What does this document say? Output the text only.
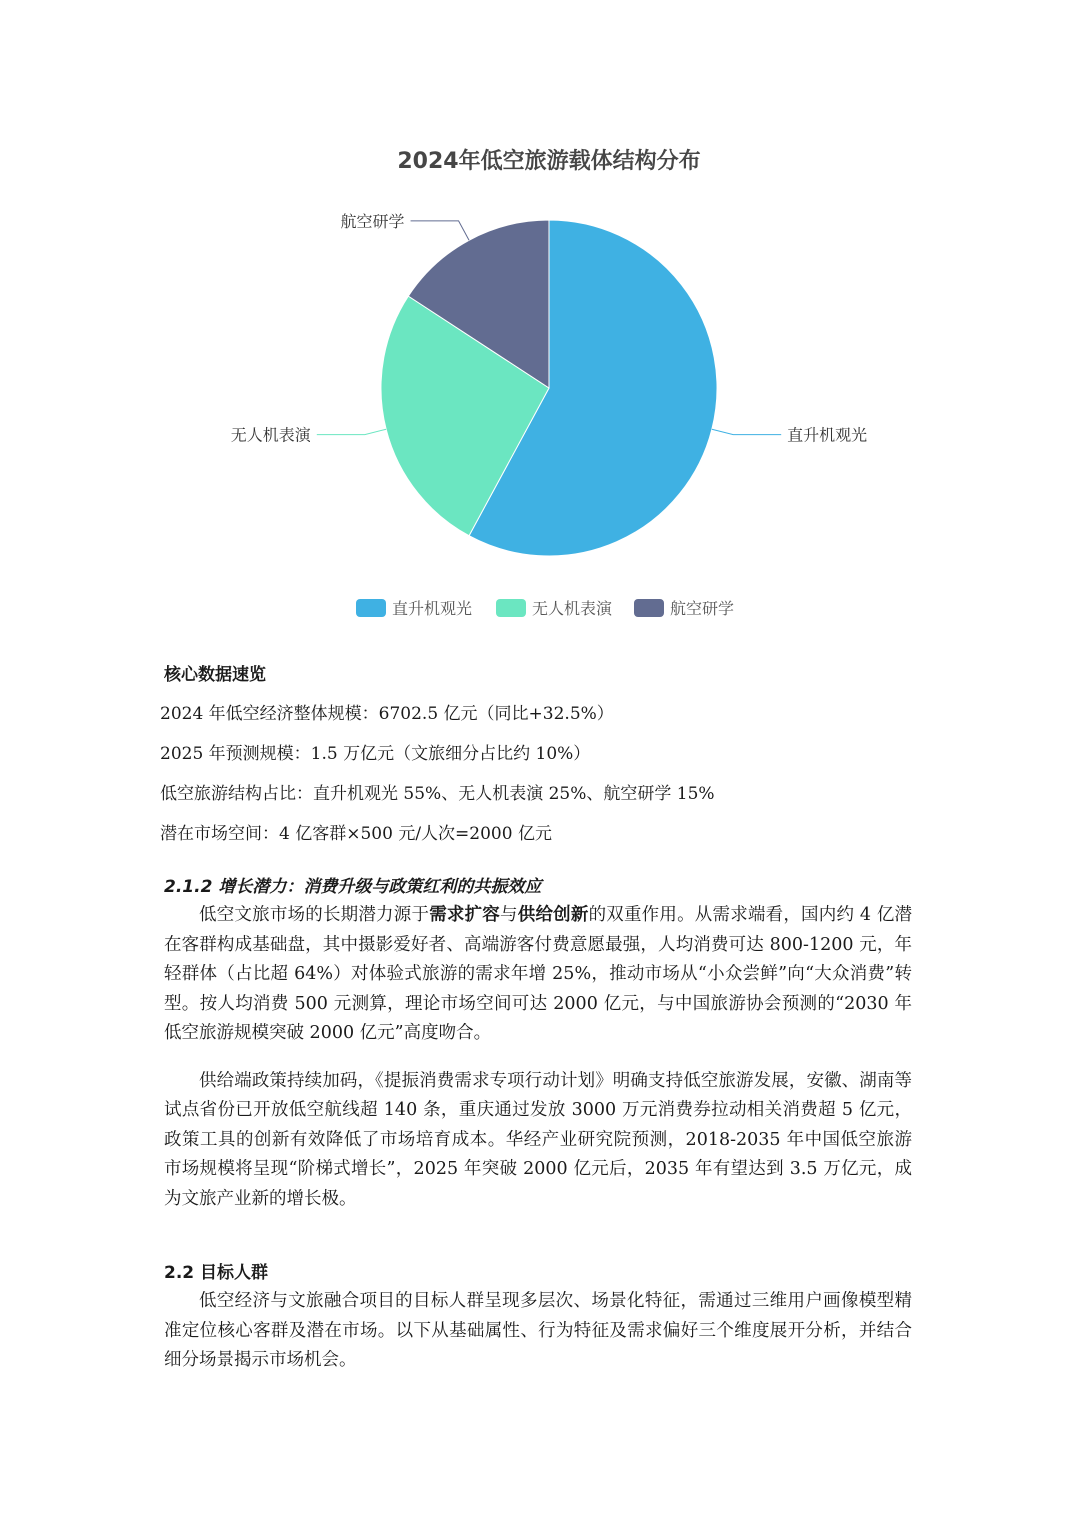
2024年低空旅游载体结构分布
直升机观光
无人机表演
航空研学
直升机观光	无人机表演	航空研学
核心数据速览
2024 年低空经济整体规模：6702.5 亿元（同比+32.5%）
2025 年预测规模：1.5 万亿元（文旅细分占比约 10%）
低空旅游结构占比：直升机观光 55%、无人机表演 25%、航空研学 15%
潜在市场空间：4 亿客群×500 元/人次=2000 亿元
2.1.2 增长潜力：消费升级与政策红利的共振效应

低空文旅市场的长期潜力源于需求扩容与供给创新的双重作用。从需求端看，国内约 4 亿潜在客群构成基础盘，其中摄影爱好者、高端游客付费意愿最强，人均消费可达 800-1200 元，年轻群体（占比超 64%）对体验式旅游的需求年增 25%，推动市场从“小众尝鲜”向“大众消费”转型。按人均消费 500 元测算，理论市场空间可达 2000 亿元，与中国旅游协会预测的“2030 年低空旅游规模突破 2000 亿元”高度吻合。

供给端政策持续加码，《提振消费需求专项行动计划》明确支持低空旅游发展，安徽、湖南等试点省份已开放低空航线超 140 条，重庆通过发放 3000 万元消费券拉动相关消费超 5 亿元，政策工具的创新有效降低了市场培育成本。华经产业研究院预测，2018-2035 年中国低空旅游市场规模将呈现“阶梯式增长”，2025 年突破 2000 亿元后，2035 年有望达到 3.5 万亿元，成为文旅产业新的增长极。

2.2 目标人群

低空经济与文旅融合项目的目标人群呈现多层次、场景化特征，需通过三维用户画像模型精准定位核心客群及潜在市场。以下从基础属性、行为特征及需求偏好三个维度展开分析，并结合细分场景揭示市场机会。
